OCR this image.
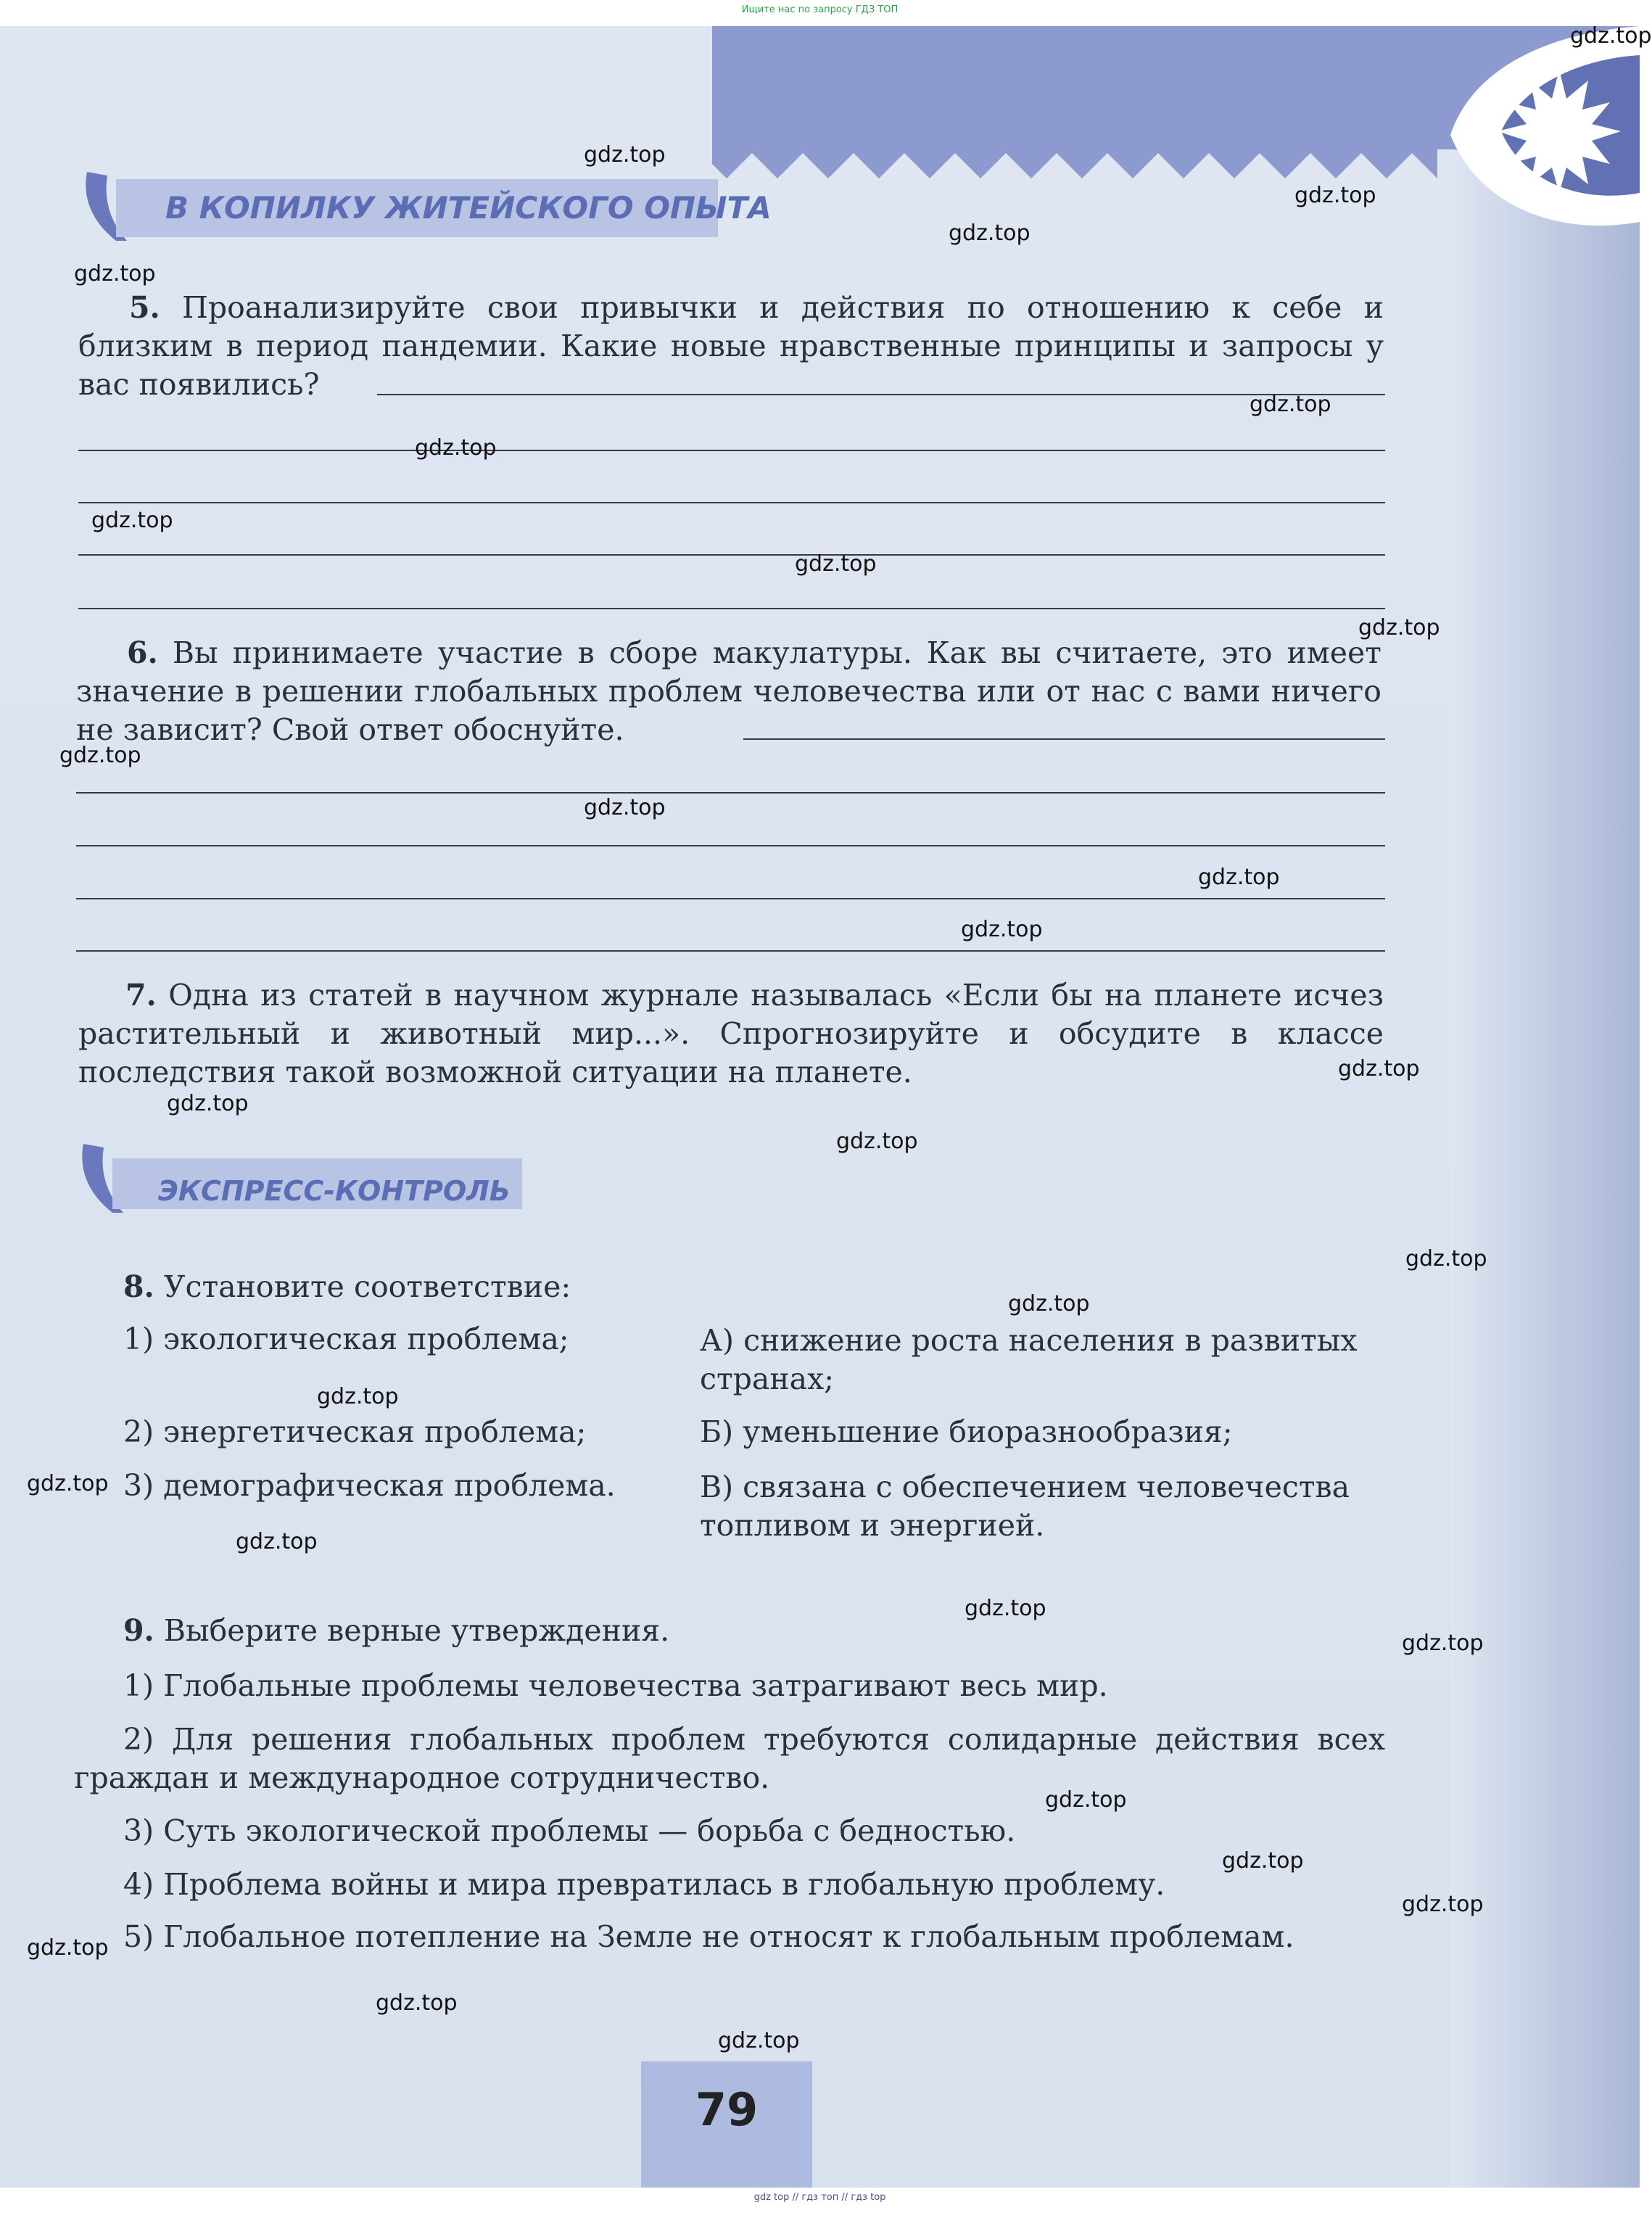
Ищите нас по запросу ГДЗ ТОП
В КОПИЛКУ ЖИТЕЙСКОГО ОПЫТА
5. Проанализируйте свои привычки и действия по отношению к себе и близким в период пандемии. Какие новые нравственные принципы и запросы у вас появились?
6. Вы принимаете участие в сборе макулатуры. Как вы считаете, это имеет значение в решении глобальных проблем человечества или от нас с вами ничего не зависит? Свой ответ обоснуйте.
7. Одна из статей в научном журнале называлась «Если бы на планете исчез растительный и животный мир...». Спрогнозируйте и обсудите в классе последствия такой возможной ситуации на планете.
ЭКСПРЕСС-КОНТРОЛЬ
8. Установите соответствие:
1) экологическая проблема;
2) энергетическая проблема;
3) демографическая проблема.
А) снижение роста населения в развитых странах;
Б) уменьшение биоразнообразия;
В) связана с обеспечением человечества топливом и энергией.
9. Выберите верные утверждения.
1) Глобальные проблемы человечества затрагивают весь мир.
2) Для решения глобальных проблем требуются солидарные действия всех граждан и международное сотрудничество.
3) Суть экологической проблемы — борьба с бедностью.
4) Проблема войны и мира превратилась в глобальную проблему.
5) Глобальное потепление на Земле не относят к глобальным проблемам.
79
gdz.top
gdz.top
gdz.top
gdz.top
gdz.top
gdz.top
gdz.top
gdz.top
gdz.top
gdz.top
gdz.top
gdz.top
gdz.top
gdz.top
gdz.top
gdz.top
gdz.top
gdz.top
gdz.top
gdz.top
gdz.top
gdz.top
gdz.top
gdz.top
gdz.top
gdz.top
gdz.top
gdz.top
gdz.top
gdz.top
gdz top // гдз топ // гдз top
